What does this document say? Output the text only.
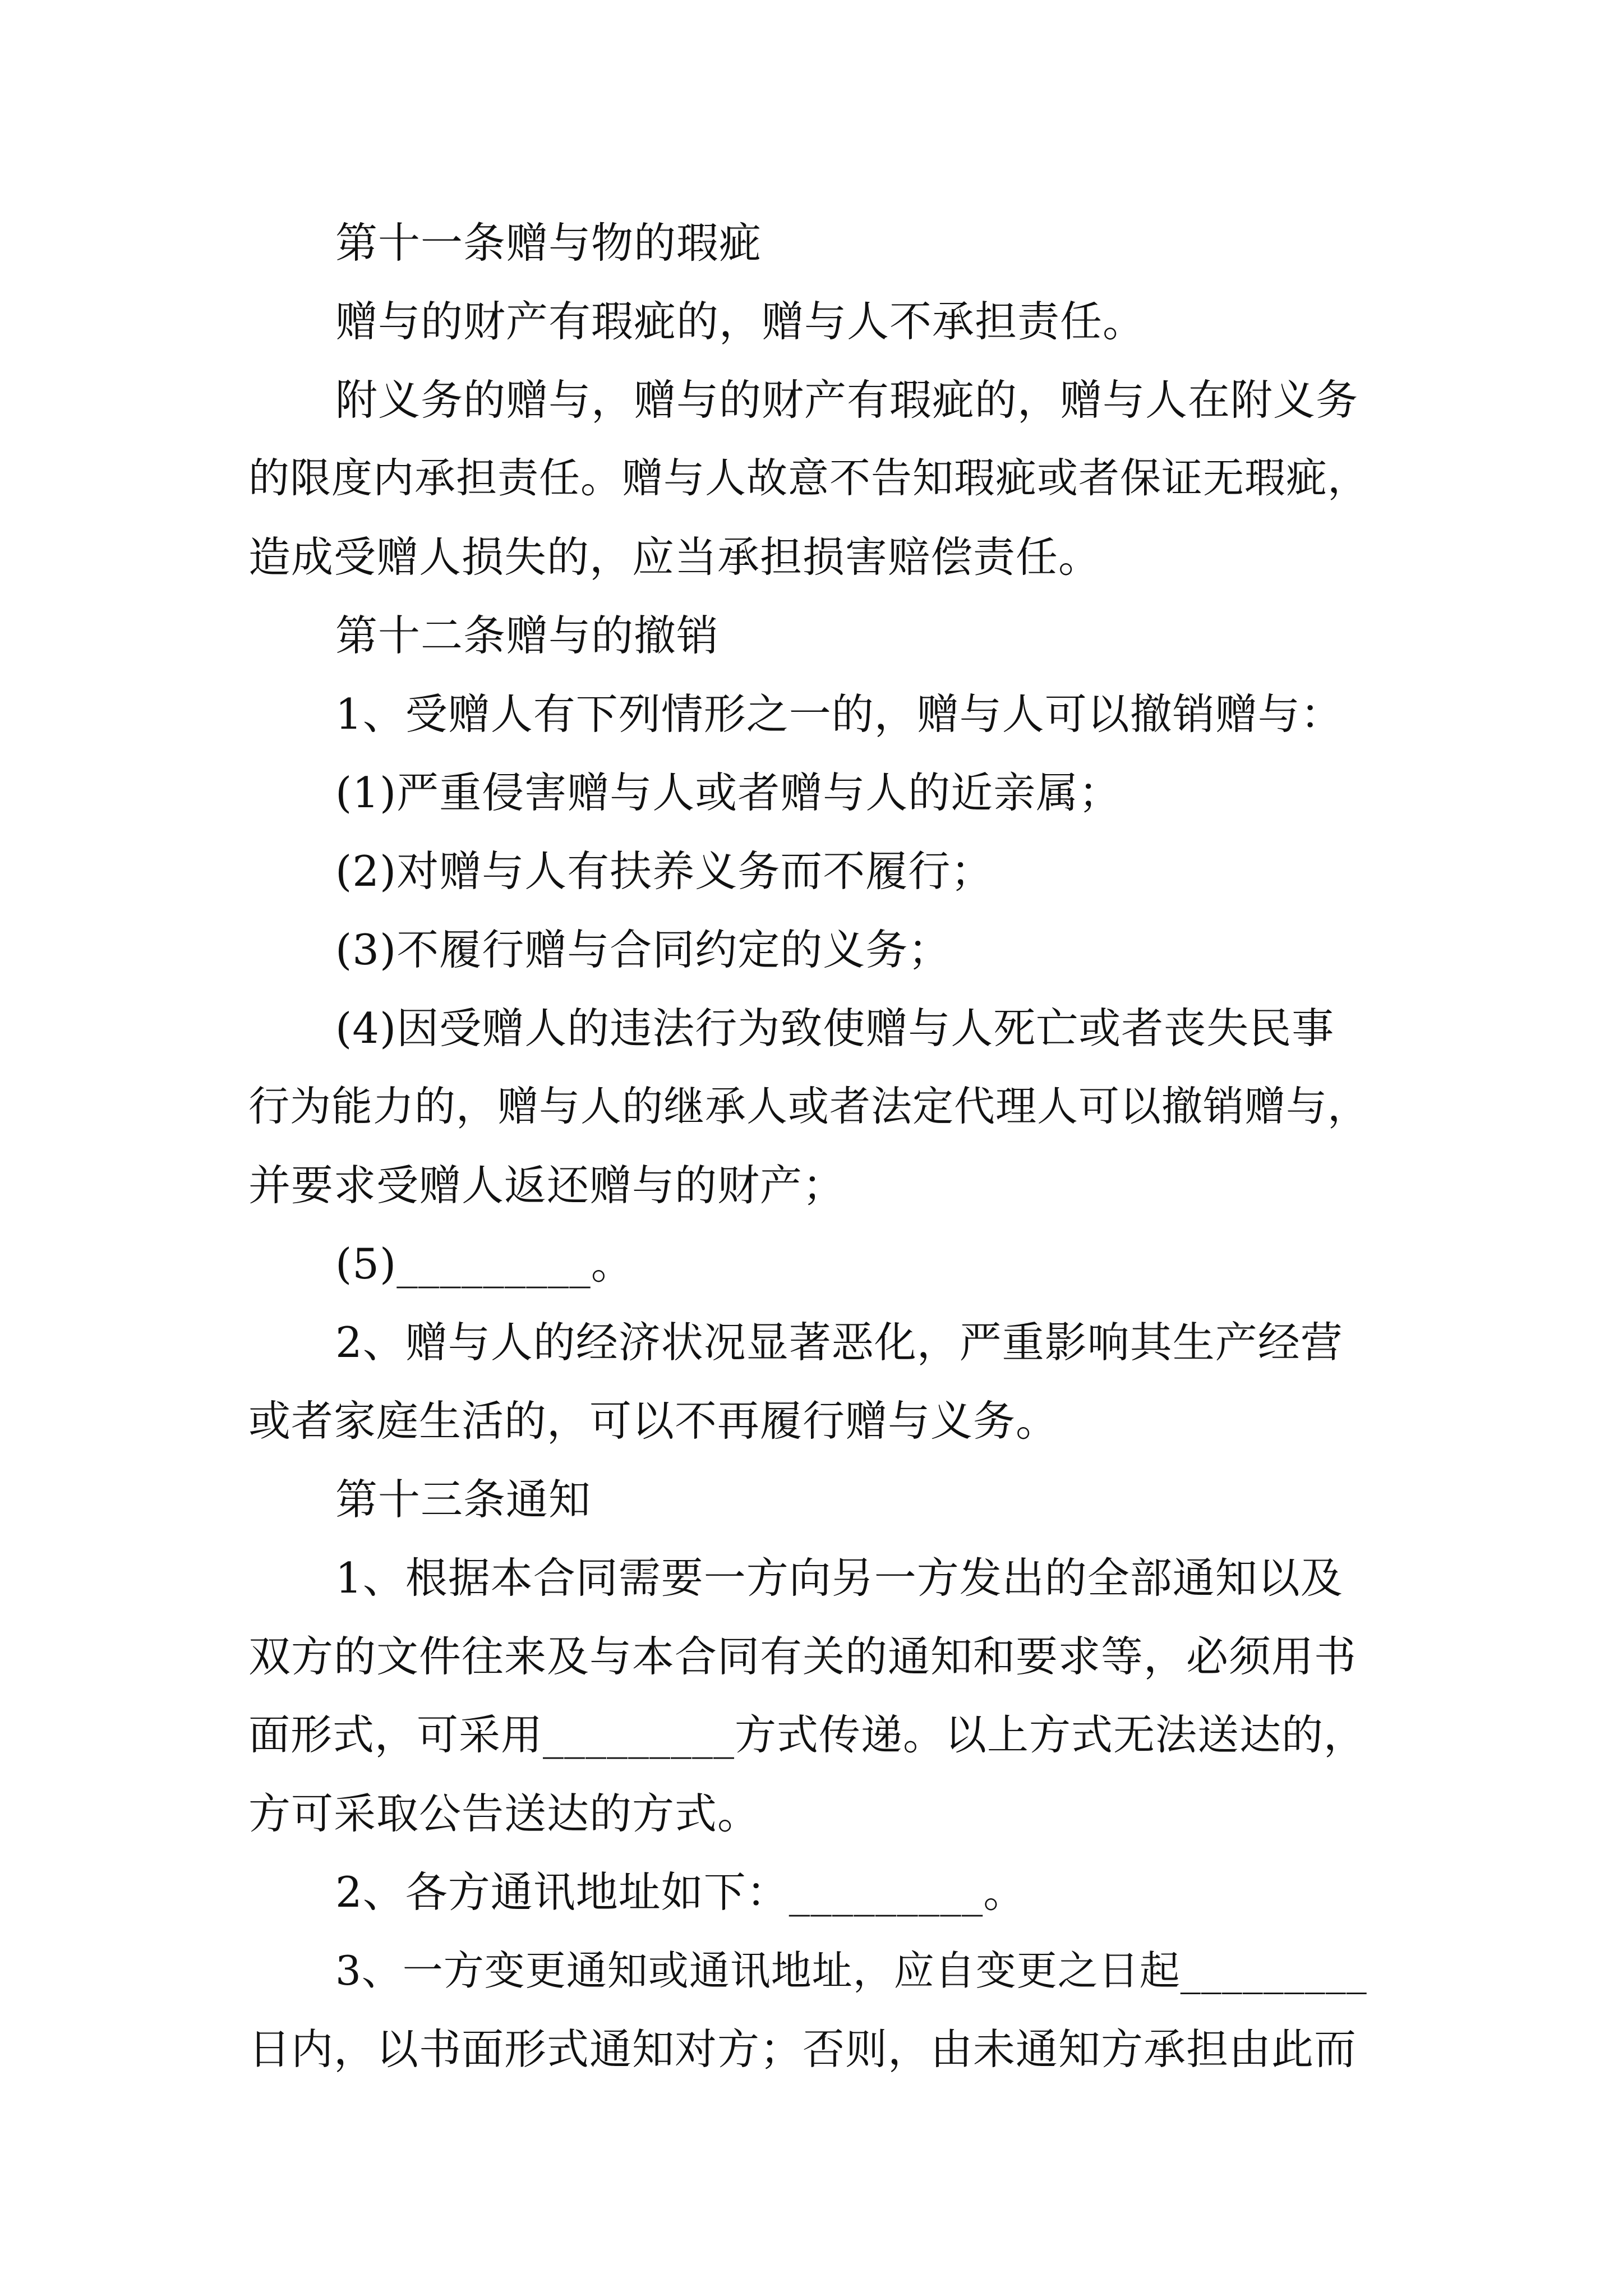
第十一条赠与物的瑕疵

赠与的财产有瑕疵的，赠与人不承担责任。

附义务的赠与，赠与的财产有瑕疵的，赠与人在附义务

的限度内承担责任。赠与人故意不告知瑕疵或者保证无瑕疵，

造成受赠人损失的，应当承担损害赔偿责任。

第十二条赠与的撤销

1、受赠人有下列情形之一的，赠与人可以撤销赠与：

(1)严重侵害赠与人或者赠与人的近亲属；

(2)对赠与人有扶养义务而不履行；

(3)不履行赠与合同约定的义务；

(4)因受赠人的违法行为致使赠与人死亡或者丧失民事

行为能力的，赠与人的继承人或者法定代理人可以撤销赠与，

并要求受赠人返还赠与的财产；

(5)_________。

2、赠与人的经济状况显著恶化，严重影响其生产经营

或者家庭生活的，可以不再履行赠与义务。

第十三条通知

1、根据本合同需要一方向另一方发出的全部通知以及

双方的文件往来及与本合同有关的通知和要求等，必须用书

面形式，可采用_________方式传递。以上方式无法送达的，

方可采取公告送达的方式。

2、各方通讯地址如下：_________。

3、一方变更通知或通讯地址，应自变更之日起_________

日内，以书面形式通知对方；否则，由未通知方承担由此而
